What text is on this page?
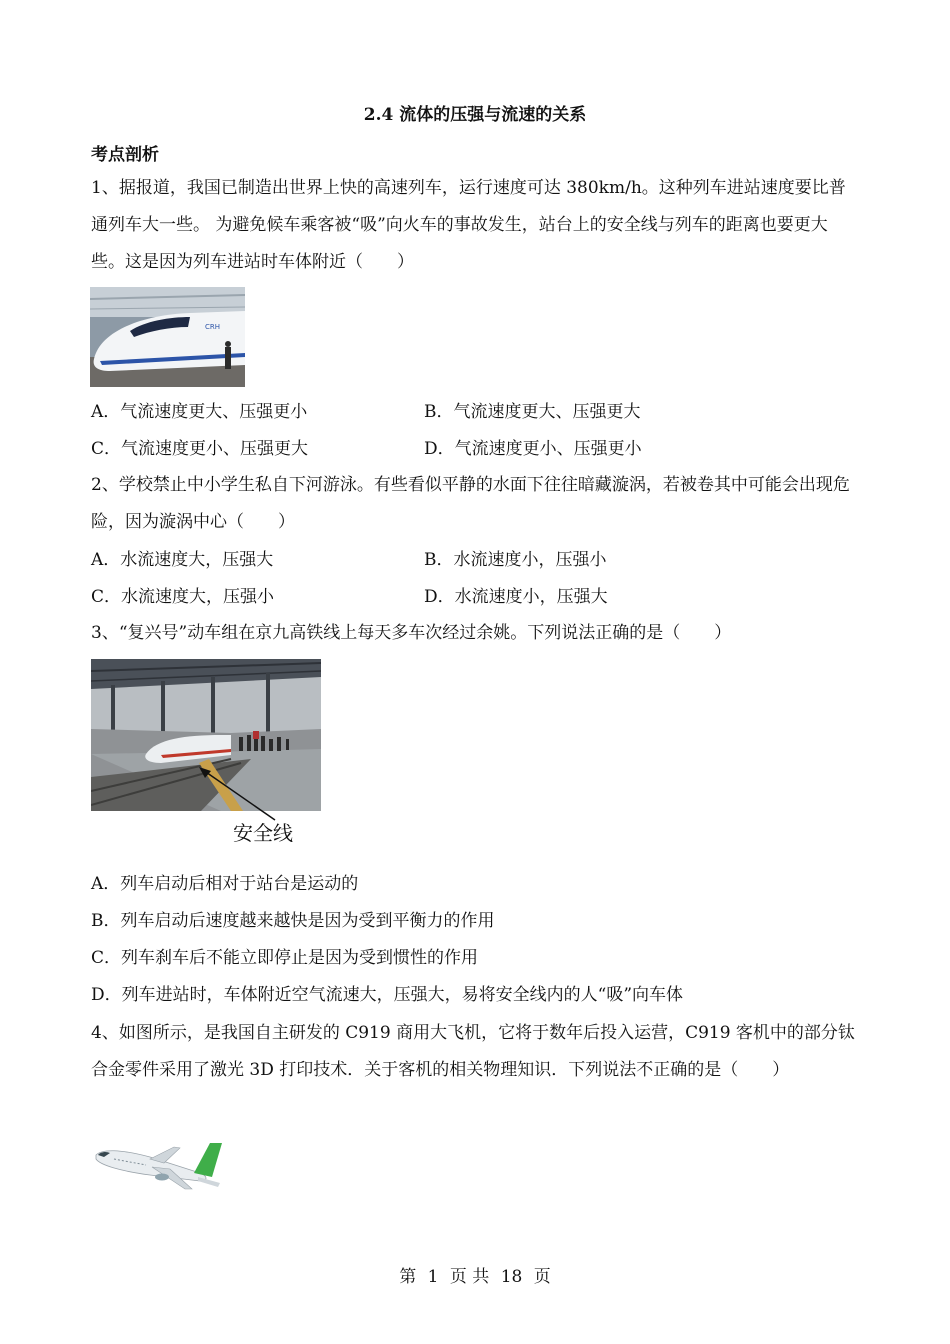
2.4 流体的压强与流速的关系
考点剖析
1、据报道，我国已制造出世界上快的高速列车，运行速度可达 380km/h。这种列车进站速度要比普通列车大一些。 为避免候车乘客被“吸”向火车的事故发生，站台上的安全线与列车的距离也要更大些。这是因为列车进站时车体附近（　　）
CRH
A．气流速度更大、压强更小	B．气流速度更大、压强更大
C．气流速度更小、压强更大	D．气流速度更小、压强更小
2、学校禁止中小学生私自下河游泳。有些看似平静的水面下往往暗藏漩涡，若被卷其中可能会出现危险，因为漩涡中心（　　）
A．水流速度大，压强大	B．水流速度小，压强小
C．水流速度大，压强小	D．水流速度小，压强大
3、“复兴号”动车组在京九高铁线上每天多车次经过余姚。下列说法正确的是（　　）
安全线
A．列车启动后相对于站台是运动的
B．列车启动后速度越来越快是因为受到平衡力的作用
C．列车刹车后不能立即停止是因为受到惯性的作用
D．列车进站时，车体附近空气流速大，压强大，易将安全线内的人“吸”向车体
4、如图所示，是我国自主研发的 C919 商用大飞机，它将于数年后投入运营，C919 客机中的部分钛合金零件采用了激光 3D 打印技术．关于客机的相关物理知识．下列说法不正确的是（　　）
第 1 页 共 18 页
